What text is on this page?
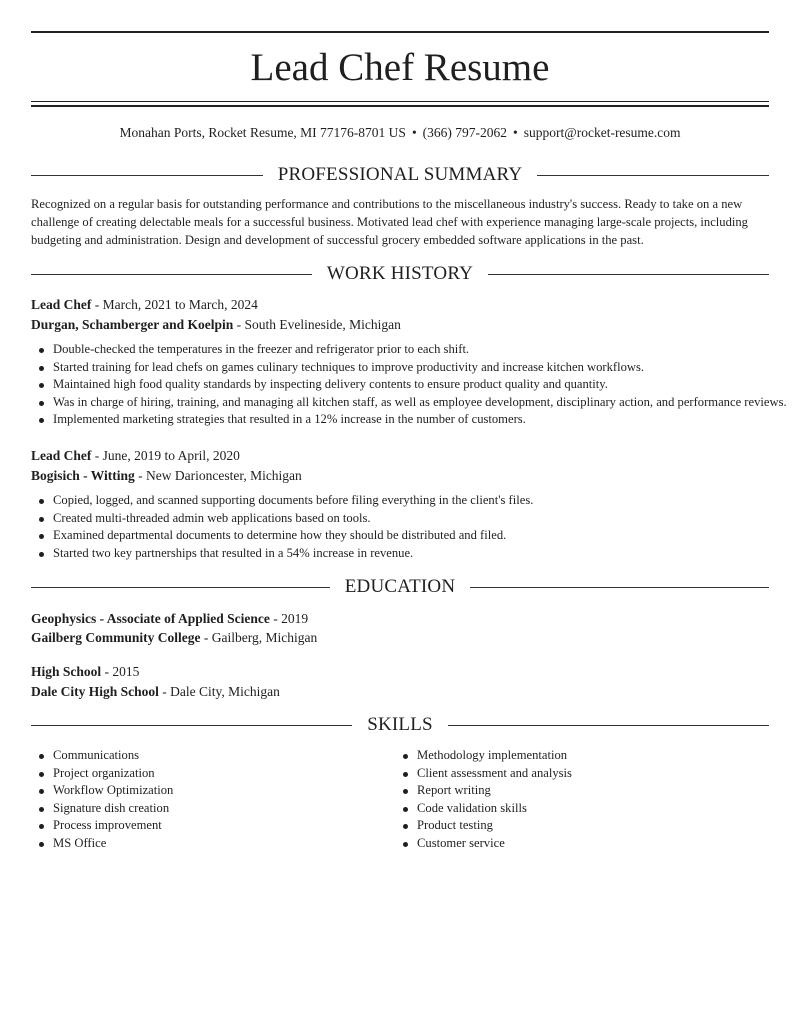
Lead Chef Resume
Monahan Ports, Rocket Resume, MI 77176-8701 US • (366) 797-2062 • support@rocket-resume.com
PROFESSIONAL SUMMARY

Recognized on a regular basis for outstanding performance and contributions to the miscellaneous industry's success. Ready to take on a new challenge of creating delectable meals for a successful business. Motivated lead chef with experience managing large-scale projects, including budgeting and administration. Design and development of successful grocery embedded software applications in the past.

WORK HISTORY
Lead Chef - March, 2021 to March, 2024
Durgan, Schamberger and Koelpin - South Evelineside, Michigan
Double-checked the temperatures in the freezer and refrigerator prior to each shift.
Started training for lead chefs on games culinary techniques to improve productivity and increase kitchen workflows.
Maintained high food quality standards by inspecting delivery contents to ensure product quality and quantity.
Was in charge of hiring, training, and managing all kitchen staff, as well as employee development, disciplinary action, and performance reviews.
Implemented marketing strategies that resulted in a 12% increase in the number of customers.
Lead Chef - June, 2019 to April, 2020
Bogisich - Witting - New Darioncester, Michigan
Copied, logged, and scanned supporting documents before filing everything in the client's files.
Created multi-threaded admin web applications based on tools.
Examined departmental documents to determine how they should be distributed and filed.
Started two key partnerships that resulted in a 54% increase in revenue.
EDUCATION
Geophysics - Associate of Applied Science - 2019
Gailberg Community College - Gailberg, Michigan
High School - 2015
Dale City High School - Dale City, Michigan
SKILLS
Communications
Project organization
Workflow Optimization
Signature dish creation
Process improvement
MS Office
Methodology implementation
Client assessment and analysis
Report writing
Code validation skills
Product testing
Customer service
